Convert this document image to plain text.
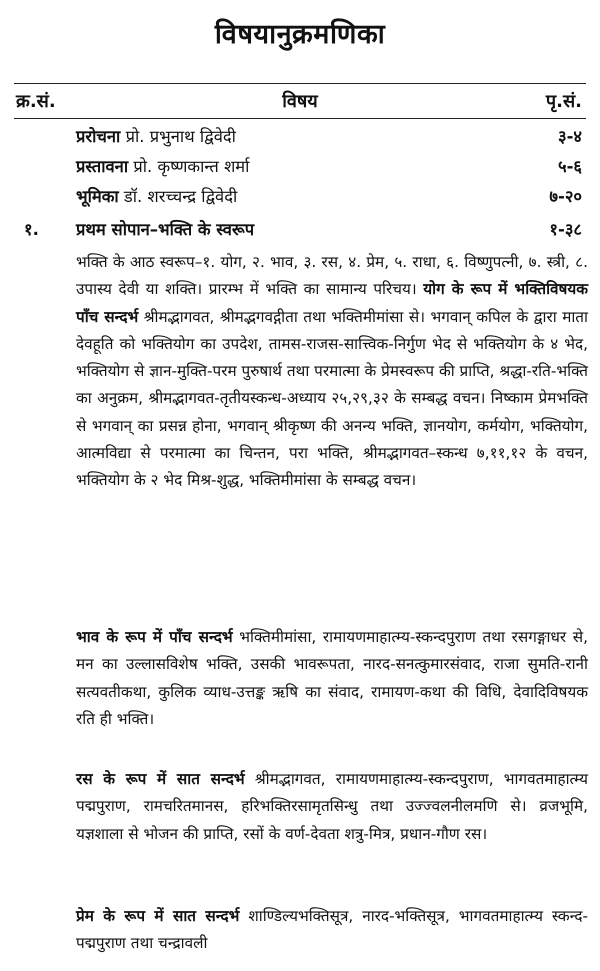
विषयानुक्रमणिका
क्र.सं.	विषय	पृ.सं.
प्ररोचना प्रो. प्रभुनाथ द्विवेदी	३-४
प्रस्तावना प्रो. कृष्णकान्त शर्मा	५-६
भूमिका डॉ. शरच्चन्द्र द्विवेदी	७-२०
१. प्रथम सोपान–भक्ति के स्वरूप	१-३८
भक्ति के आठ स्वरूप–१. योग, २. भाव, ३. रस, ४. प्रेम, ५. राधा, ६. विष्णुपत्नी, ७. स्त्री, ८. उपास्य देवी या शक्ति। प्रारम्भ में भक्ति का सामान्य परिचय। योग के रूप में भक्तिविषयक पाँच सन्दर्भ श्रीमद्भागवत, श्रीमद्भगवद्गीता तथा भक्तिमीमांसा से। भगवान् कपिल के द्वारा माता देवहूति को भक्तियोग का उपदेश, तामस-राजस-सात्त्विक-निर्गुण भेद से भक्तियोग के ४ भेद, भक्तियोग से ज्ञान-मुक्ति-परम पुरुषार्थ तथा परमात्मा के प्रेमस्वरूप की प्राप्ति, श्रद्धा-रति-भक्ति का अनुक्रम, श्रीमद्भागवत-तृतीयस्कन्ध-अध्याय २५,२९,३२ के सम्बद्ध वचन। निष्काम प्रेमभक्ति से भगवान् का प्रसन्न होना, भगवान् श्रीकृष्ण की अनन्य भक्ति, ज्ञानयोग, कर्मयोग, भक्तियोग, आत्मविद्या से परमात्मा का चिन्तन, परा भक्ति, श्रीमद्भागवत–स्कन्ध ७,११,१२ के वचन, भक्तियोग के २ भेद मिश्र-शुद्ध, भक्तिमीमांसा के सम्बद्ध वचन।
भाव के रूप में पाँच सन्दर्भ भक्तिमीमांसा, रामायणमाहात्म्य-स्कन्दपुराण तथा रसगङ्गाधर से, मन का उल्लासविशेष भक्ति, उसकी भावरूपता, नारद-सनत्कुमारसंवाद, राजा सुमति-रानी सत्यवतीकथा, कुलिक व्याध-उत्तङ्क ऋषि का संवाद, रामायण-कथा की विधि, देवादिविषयक रति ही भक्ति।
रस के रूप में सात सन्दर्भ श्रीमद्भागवत, रामायणमाहात्म्य-स्कन्दपुराण, भागवतमाहात्म्य पद्मपुराण, रामचरितमानस, हरिभक्तिरसामृतसिन्धु तथा उज्ज्वलनीलमणि से। व्रजभूमि, यज्ञशाला से भोजन की प्राप्ति, रसों के वर्ण-देवता शत्रु-मित्र, प्रधान-गौण रस।
प्रेम के रूप में सात सन्दर्भ शाण्डिल्यभक्तिसूत्र, नारद-भक्तिसूत्र, भागवतमाहात्म्य स्कन्द-पद्मपुराण तथा चन्द्रावली
